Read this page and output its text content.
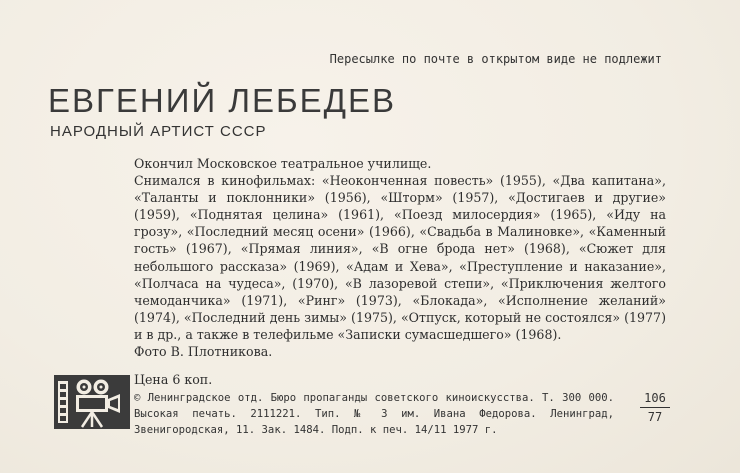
Пересылке по почте в открытом виде не подлежит
ЕВГЕНИЙ ЛЕБЕДЕВ
НАРОДНЫЙ АРТИСТ СССР

Окончил Московское театральное училище.

Снимался в кинофильмах: «Неоконченная повесть» (1955), «Два капитана», «Таланты и поклонники» (1956), «Шторм» (1957), «Достигаев и другие» (1959), «Поднятая целина» (1961), «Поезд милосердия» (1965), «Иду на грозу», «Последний месяц осени» (1966), «Свадьба в Малиновке», «Каменный гость» (1967), «Прямая линия», «В огне брода нет» (1968), «Сюжет для небольшого рассказа» (1969), «Адам и Хева», «Преступление и наказание», «Полчаса на чудеса», (1970), «В лазоревой степи», «Приключения желтого чемоданчика» (1971), «Ринг» (1973), «Блокада», «Исполнение желаний» (1974), «Последний день зимы» (1975), «Отпуск, который не состоялся» (1977) и в др., а также в телефильме «Записки сумасшедшего» (1968).

Фото В. Плотникова.

Цена 6 коп.

© Ленинградское отд. Бюро пропаганды советского киноискусства. Т. 300 000. Высокая печать. 2111221. Тип. № 3 им. Ивана Федорова. Ленинград, Звенигородская, 11. Зак. 1484. Подп. к печ. 14/11 1977 г.

106
77
